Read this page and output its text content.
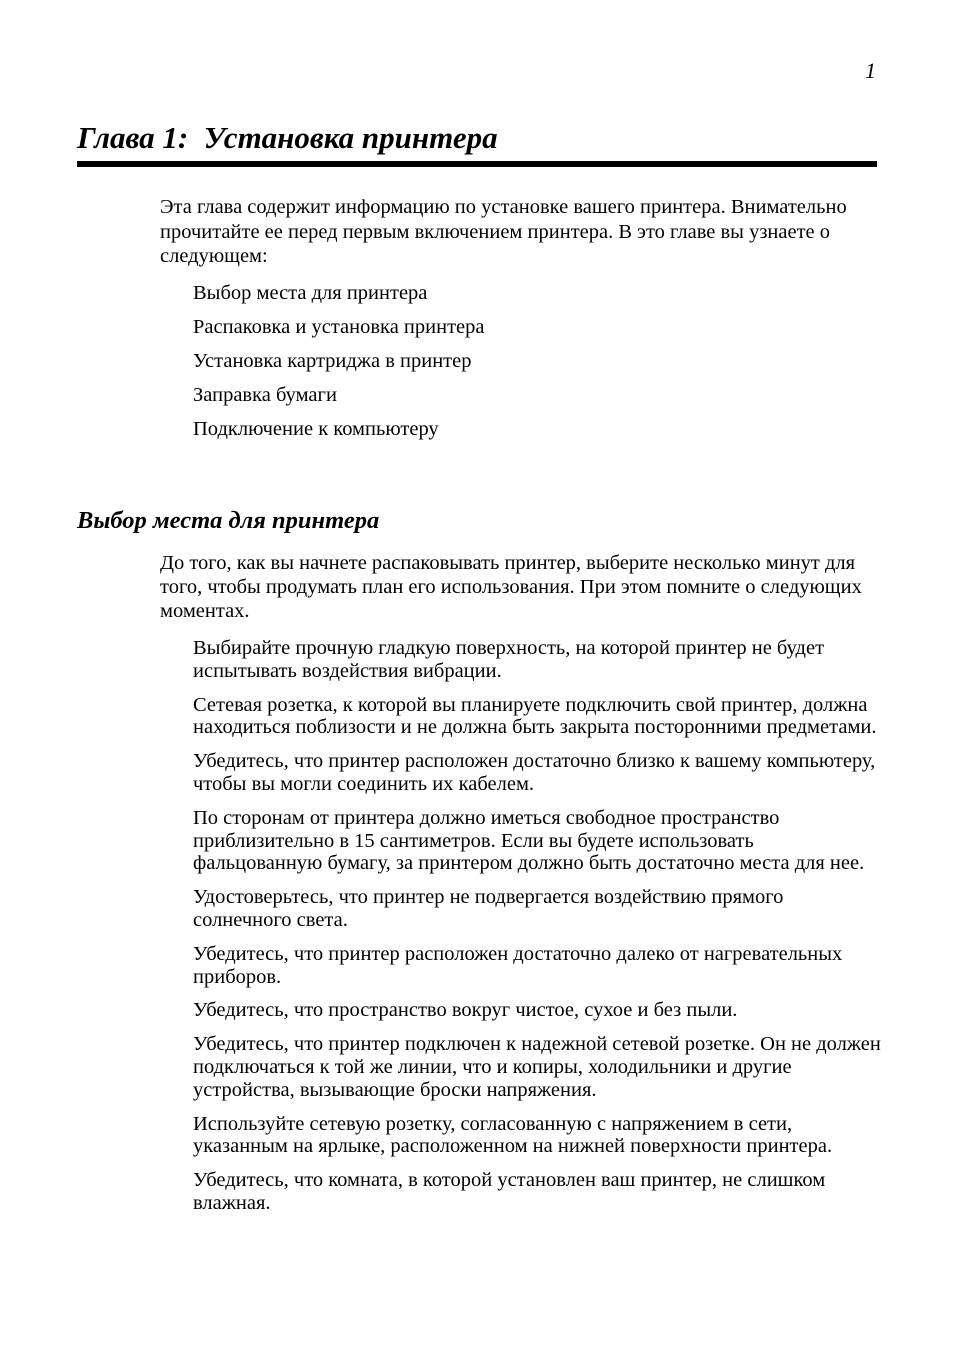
1
Глава 1:  Установка принтера

Эта глава содержит информацию по установке вашего принтера. Внимательно прочитайте ее перед первым включением принтера. В это главе вы узнаете о следующем:

Выбор места для принтера
Распаковка и установка принтера
Установка картриджа в принтер
Заправка бумаги
Подключение к компьютеру
Выбор места для принтера

До того, как вы начнете распаковывать принтер, выберите несколько минут для того, чтобы продумать план его использования. При этом помните о следующих моментах.

Выбирайте прочную гладкую поверхность, на которой принтер не будет испытывать воздействия вибрации.
Сетевая розетка, к которой вы планируете подключить свой принтер, должна находиться поблизости и не должна быть закрыта посторонними предметами.
Убедитесь, что принтер расположен достаточно близко к вашему компьютеру, чтобы вы могли соединить их кабелем.
По сторонам от принтера должно иметься свободное пространство приблизительно в 15 сантиметров. Если вы будете использовать фальцованную бумагу, за принтером должно быть достаточно места для нее.
Удостоверьтесь, что принтер не подвергается воздействию прямого солнечного света.
Убедитесь, что принтер расположен достаточно далеко от нагревательных приборов.
Убедитесь, что пространство вокруг чистое, сухое и без пыли.
Убедитесь, что принтер подключен к надежной сетевой розетке. Он не должен подключаться к той же линии, что и копиры, холодильники и другие устройства, вызывающие броски напряжения.
Используйте сетевую розетку, согласованную с напряжением в сети, указанным на ярлыке, расположенном на нижней поверхности принтера.
Убедитесь, что комната, в которой установлен ваш принтер, не слишком влажная.
